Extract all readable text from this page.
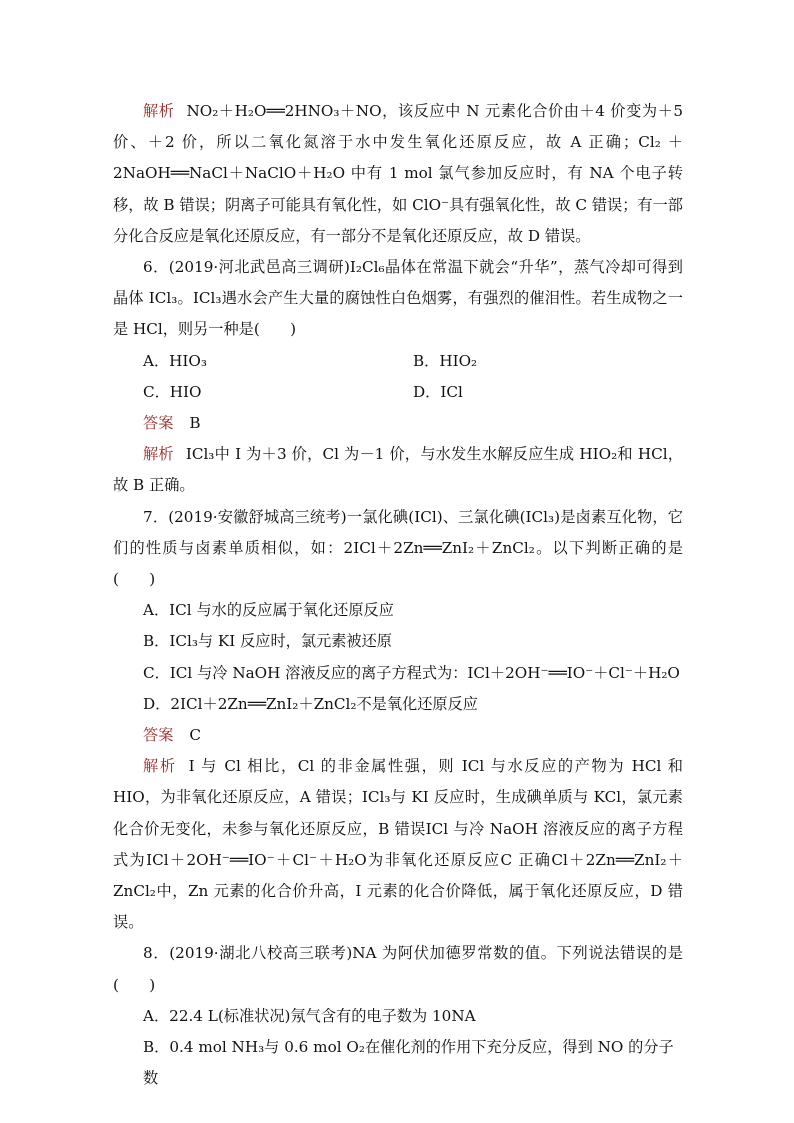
解析 NO₂＋H₂O══2HNO₃＋NO，该反应中 N 元素化合价由＋4 价变为＋5 价、＋2 价，所以二氧化氮溶于水中发生氧化还原反应，故 A 正确；Cl₂ ＋2NaOH══NaCl＋NaClO＋H₂O 中有 1 mol 氯气参加反应时，有 NA 个电子转移，故 B 错误；阴离子可能具有氧化性，如 ClO⁻具有强氧化性，故 C 错误；有一部分化合反应是氧化还原反应，有一部分不是氧化还原反应，故 D 错误。

6．(2019·河北武邑高三调研)I₂Cl₆晶体在常温下就会“升华”，蒸气冷却可得到晶体 ICl₃。ICl₃遇水会产生大量的腐蚀性白色烟雾，有强烈的催泪性。若生成物之一是 HCl，则另一种是(　　)

A．HIO₃	B．HIO₂
C．HIO	D．ICl

答案 B

解析 ICl₃中 I 为＋3 价，Cl 为－1 价，与水发生水解反应生成 HIO₂和 HCl，故 B 正确。

7．(2019·安徽舒城高三统考)一氯化碘(ICl)、三氯化碘(ICl₃)是卤素互化物，它们的性质与卤素单质相似，如：2ICl＋2Zn══ZnI₂＋ZnCl₂。以下判断正确的是(　　)

A．ICl 与水的反应属于氧化还原反应

B．ICl₃与 KI 反应时，氯元素被还原

C．ICl 与冷 NaOH 溶液反应的离子方程式为：ICl＋2OH⁻══IO⁻＋Cl⁻＋H₂O

D．2ICl＋2Zn══ZnI₂＋ZnCl₂不是氧化还原反应

答案 C

解析 I 与 Cl 相比，Cl 的非金属性强，则 ICl 与水反应的产物为 HCl 和 HIO，为非氧化还原反应，A 错误；ICl₃与 KI 反应时，生成碘单质与 KCl，氯元素化合价无变化，未参与氧化还原反应，B 错误ICl 与冷 NaOH 溶液反应的离子方程式为ICl＋2OH⁻══IO⁻＋Cl⁻＋H₂O为非氧化还原反应C 正确Cl＋2Zn══ZnI₂＋ZnCl₂中，Zn 元素的化合价升高，I 元素的化合价降低，属于氧化还原反应，D 错误。

8．(2019·湖北八校高三联考)NA 为阿伏加德罗常数的值。下列说法错误的是(　　)

A．22.4 L(标准状况)氖气含有的电子数为 10NA

B．0.4 mol NH₃与 0.6 mol O₂在催化剂的作用下充分反应，得到 NO 的分子数
